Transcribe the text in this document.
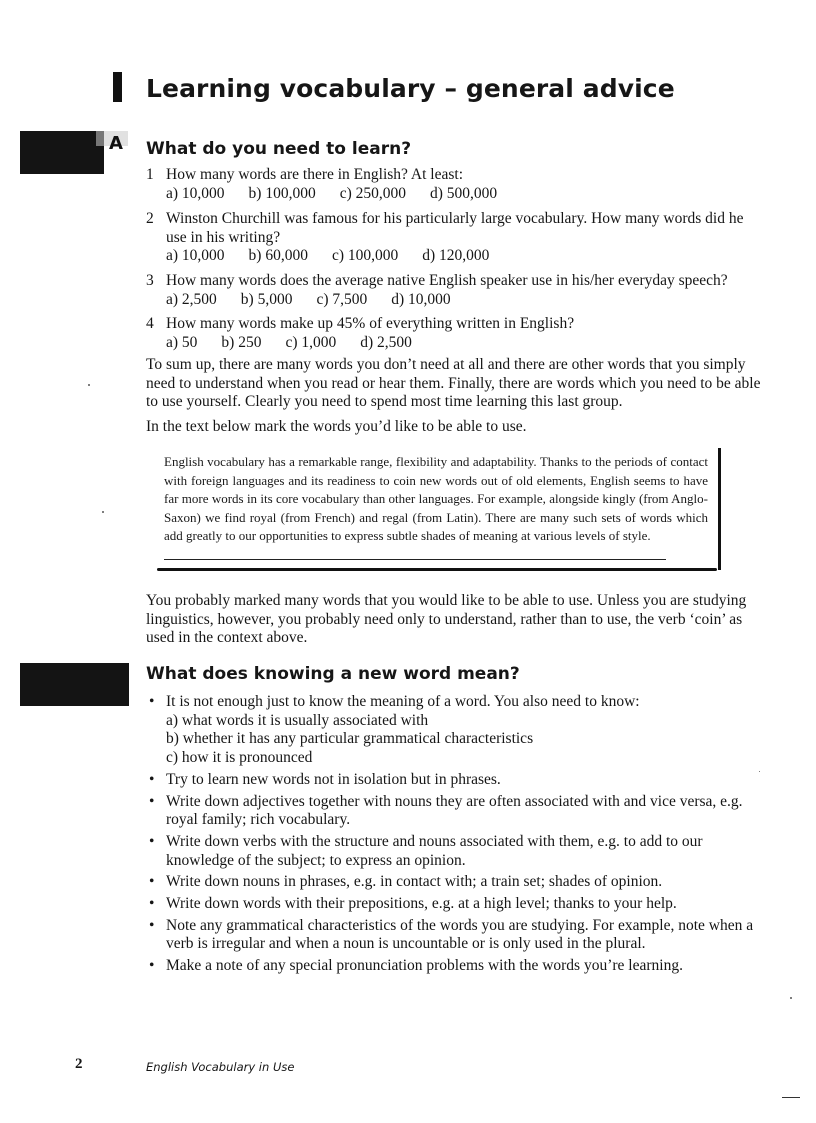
Learning vocabulary – general advice
A What do you need to learn?
1 How many words are there in English? At least:
a) 10,000 b) 100,000 c) 250,000 d) 500,000
2 Winston Churchill was famous for his particularly large vocabulary. How many words did he use in his writing?
a) 10,000 b) 60,000 c) 100,000 d) 120,000
3 How many words does the average native English speaker use in his/her everyday speech?
a) 2,500 b) 5,000 c) 7,500 d) 10,000
4 How many words make up 45% of everything written in English?
a) 50 b) 250 c) 1,000 d) 2,500
To sum up, there are many words you don’t need at all and there are other words that you simply need to understand when you read or hear them. Finally, there are words which you need to be able to use yourself. Clearly you need to spend most time learning this last group.
In the text below mark the words you’d like to be able to use.
English vocabulary has a remarkable range, flexibility and adaptability. Thanks to the periods of contact with foreign languages and its readiness to coin new words out of old elements, English seems to have far more words in its core vocabulary than other languages. For example, alongside kingly (from Anglo-Saxon) we find royal (from French) and regal (from Latin). There are many such sets of words which add greatly to our opportunities to express subtle shades of meaning at various levels of style.
You probably marked many words that you would like to be able to use. Unless you are studying linguistics, however, you probably need only to understand, rather than to use, the verb ‘coin’ as used in the context above.
What does knowing a new word mean?
• It is not enough just to know the meaning of a word. You also need to know:
a) what words it is usually associated with
b) whether it has any particular grammatical characteristics
c) how it is pronounced
• Try to learn new words not in isolation but in phrases.
• Write down adjectives together with nouns they are often associated with and vice versa, e.g. royal family; rich vocabulary.
• Write down verbs with the structure and nouns associated with them, e.g. to add to our knowledge of the subject; to express an opinion.
• Write down nouns in phrases, e.g. in contact with; a train set; shades of opinion.
• Write down words with their prepositions, e.g. at a high level; thanks to your help.
• Note any grammatical characteristics of the words you are studying. For example, note when a verb is irregular and when a noun is uncountable or is only used in the plural.
• Make a note of any special pronunciation problems with the words you’re learning.
2	English Vocabulary in Use
